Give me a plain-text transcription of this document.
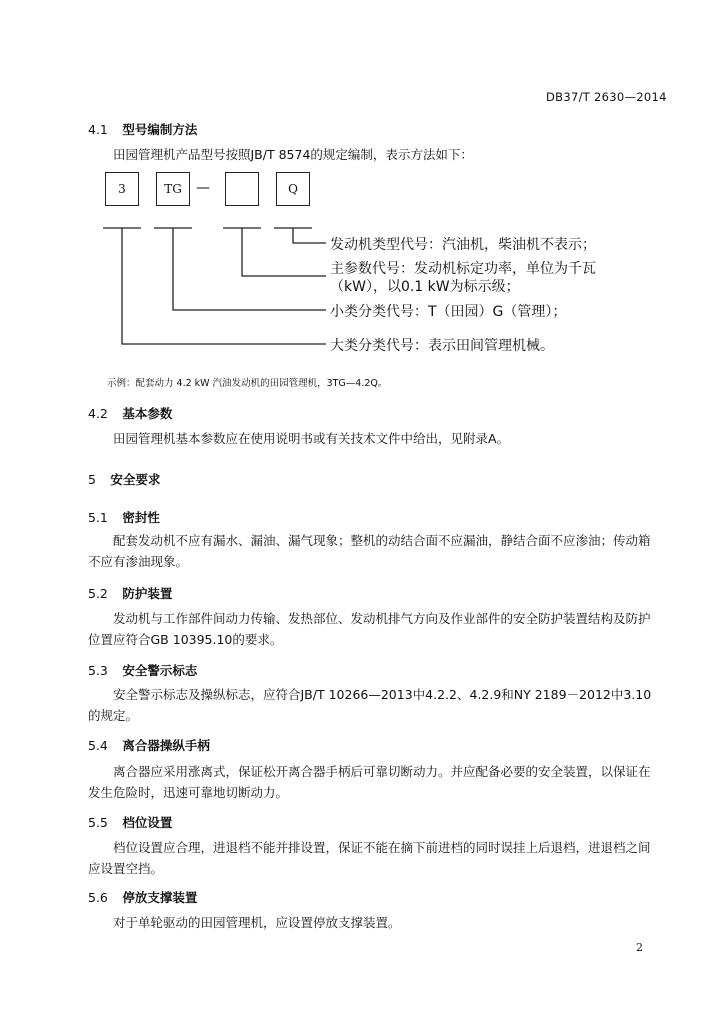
DB37/T 2630—2014
4.1 型号编制方法
田园管理机产品型号按照JB/T 8574的规定编制，表示方法如下：
3	TG	—	Q
发动机类型代号：汽油机，柴油机不表示；
主参数代号：发动机标定功率，单位为千瓦
（kW），以0.1 kW为标示级；
小类分类代号：T（田园）G（管理）；
大类分类代号：表示田间管理机械。
示例：配套动力 4.2 kW 汽油发动机的田园管理机，3TG—4.2Q。
4.2 基本参数
田园管理机基本参数应在使用说明书或有关技术文件中给出，见附录A。
5 安全要求
5.1 密封性
配套发动机不应有漏水、漏油、漏气现象；整机的动结合面不应漏油，静结合面不应渗油；传动箱不应有渗油现象。
5.2 防护装置
发动机与工作部件间动力传输、发热部位、发动机排气方向及作业部件的安全防护装置结构及防护位置应符合GB 10395.10的要求。
5.3 安全警示标志
安全警示标志及操纵标志，应符合JB/T 10266—2013中4.2.2、4.2.9和NY 2189－2012中3.10的规定。
5.4 离合器操纵手柄
离合器应采用涨离式，保证松开离合器手柄后可靠切断动力。并应配备必要的安全装置，以保证在发生危险时，迅速可靠地切断动力。
5.5 档位设置
档位设置应合理，进退档不能并排设置，保证不能在摘下前进档的同时误挂上后退档，进退档之间应设置空挡。
5.6 停放支撑装置
对于单轮驱动的田园管理机，应设置停放支撑装置。
2
